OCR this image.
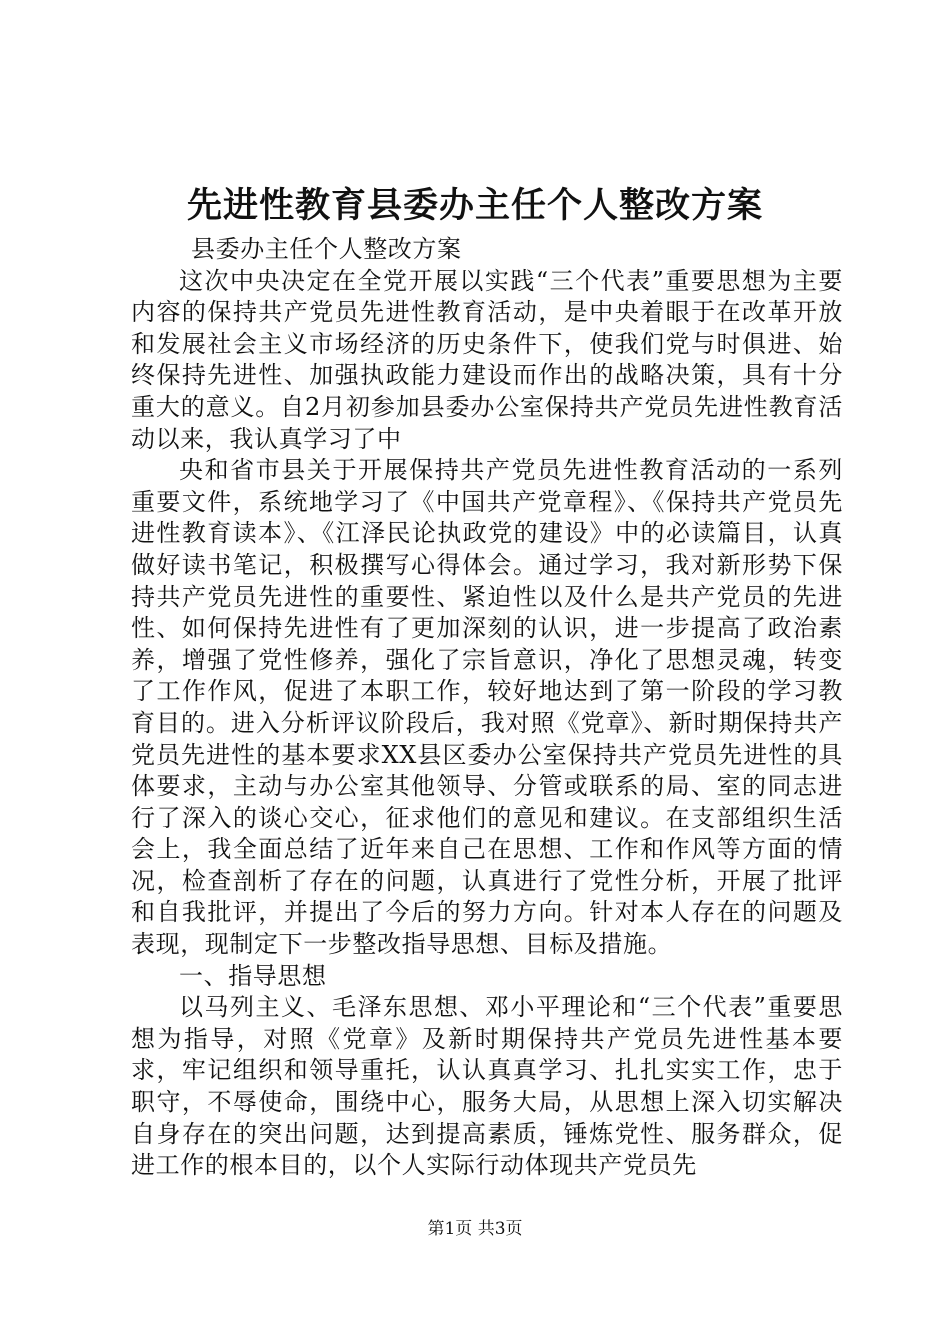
先进性教育县委办主任个人整改方案

县委办主任个人整改方案

这次中央决定在全党开展以实践“三个代表”重要思想为主要内容的保持共产党员先进性教育活动，是中央着眼于在改革开放和发展社会主义市场经济的历史条件下，使我们党与时俱进、始终保持先进性、加强执政能力建设而作出的战略决策，具有十分重大的意义。自2月初参加县委办公室保持共产党员先进性教育活动以来，我认真学习了中

央和省市县关于开展保持共产党员先进性教育活动的一系列重要文件，系统地学习了《中国共产党章程》、《保持共产党员先进性教育读本》、《江泽民论执政党的建设》中的必读篇目，认真做好读书笔记，积极撰写心得体会。通过学习，我对新形势下保持共产党员先进性的重要性、紧迫性以及什么是共产党员的先进性、如何保持先进性有了更加深刻的认识，进一步提高了政治素养，增强了党性修养，强化了宗旨意识，净化了思想灵魂，转变了工作作风，促进了本职工作，较好地达到了第一阶段的学习教育目的。进入分析评议阶段后，我对照《党章》、新时期保持共产党员先进性的基本要求XX县区委办公室保持共产党员先进性的具体要求，主动与办公室其他领导、分管或联系的局、室的同志进行了深入的谈心交心，征求他们的意见和建议。在支部组织生活会上，我全面总结了近年来自己在思想、工作和作风等方面的情况，检查剖析了存在的问题，认真进行了党性分析，开展了批评和自我批评，并提出了今后的努力方向。针对本人存在的问题及表现，现制定下一步整改指导思想、目标及措施。

一、指导思想

以马列主义、毛泽东思想、邓小平理论和“三个代表”重要思想为指导，对照《党章》及新时期保持共产党员先进性基本要求，牢记组织和领导重托，认认真真学习、扎扎实实工作，忠于职守，不辱使命，围绕中心，服务大局，从思想上深入切实解决自身存在的突出问题，达到提高素质，锤炼党性、服务群众，促进工作的根本目的，以个人实际行动体现共产党员先

第1页 共3页
